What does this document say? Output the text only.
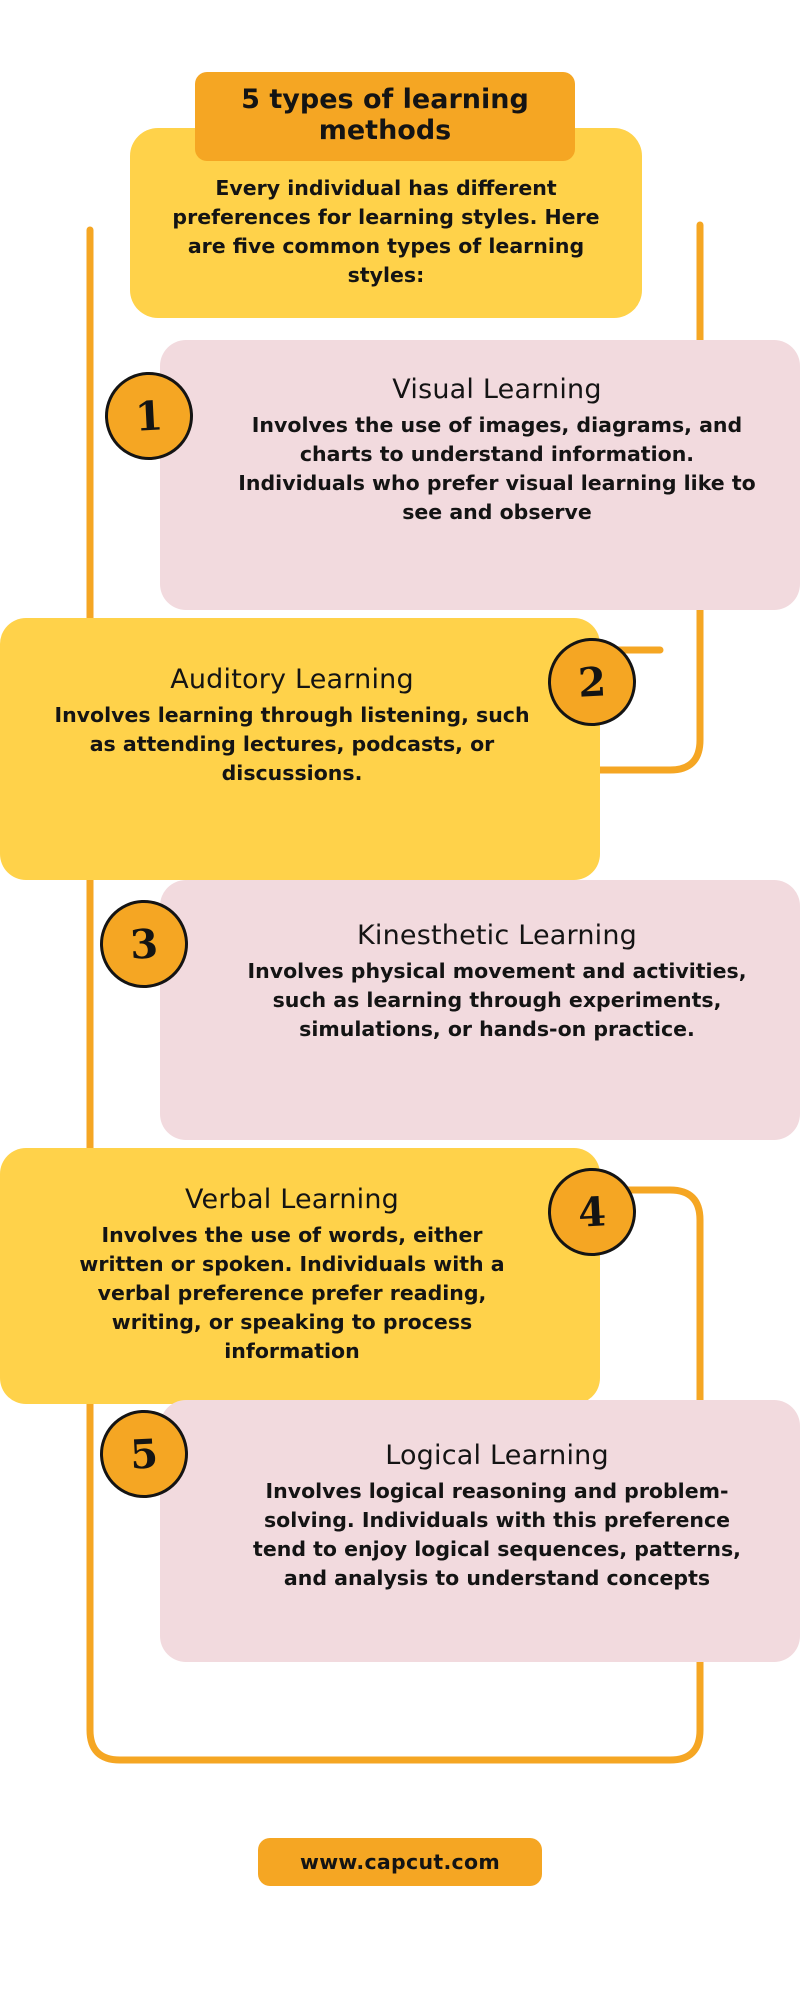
5 types of learning methods
Every individual has different preferences for learning styles. Here are five common types of learning styles:
Visual Learning
Involves the use of images, diagrams, and charts to understand information. Individuals who prefer visual learning like to see and observe
1
Auditory Learning
Involves learning through listening, such as attending lectures, podcasts, or discussions.
2
Kinesthetic Learning
Involves physical movement and activities, such as learning through experiments, simulations, or hands-on practice.
3
Verbal Learning
Involves the use of words, either written or spoken. Individuals with a verbal preference prefer reading, writing, or speaking to process information
4
Logical Learning
Involves logical reasoning and problem-solving. Individuals with this preference tend to enjoy logical sequences, patterns, and analysis to understand concepts
5
www.capcut.com
